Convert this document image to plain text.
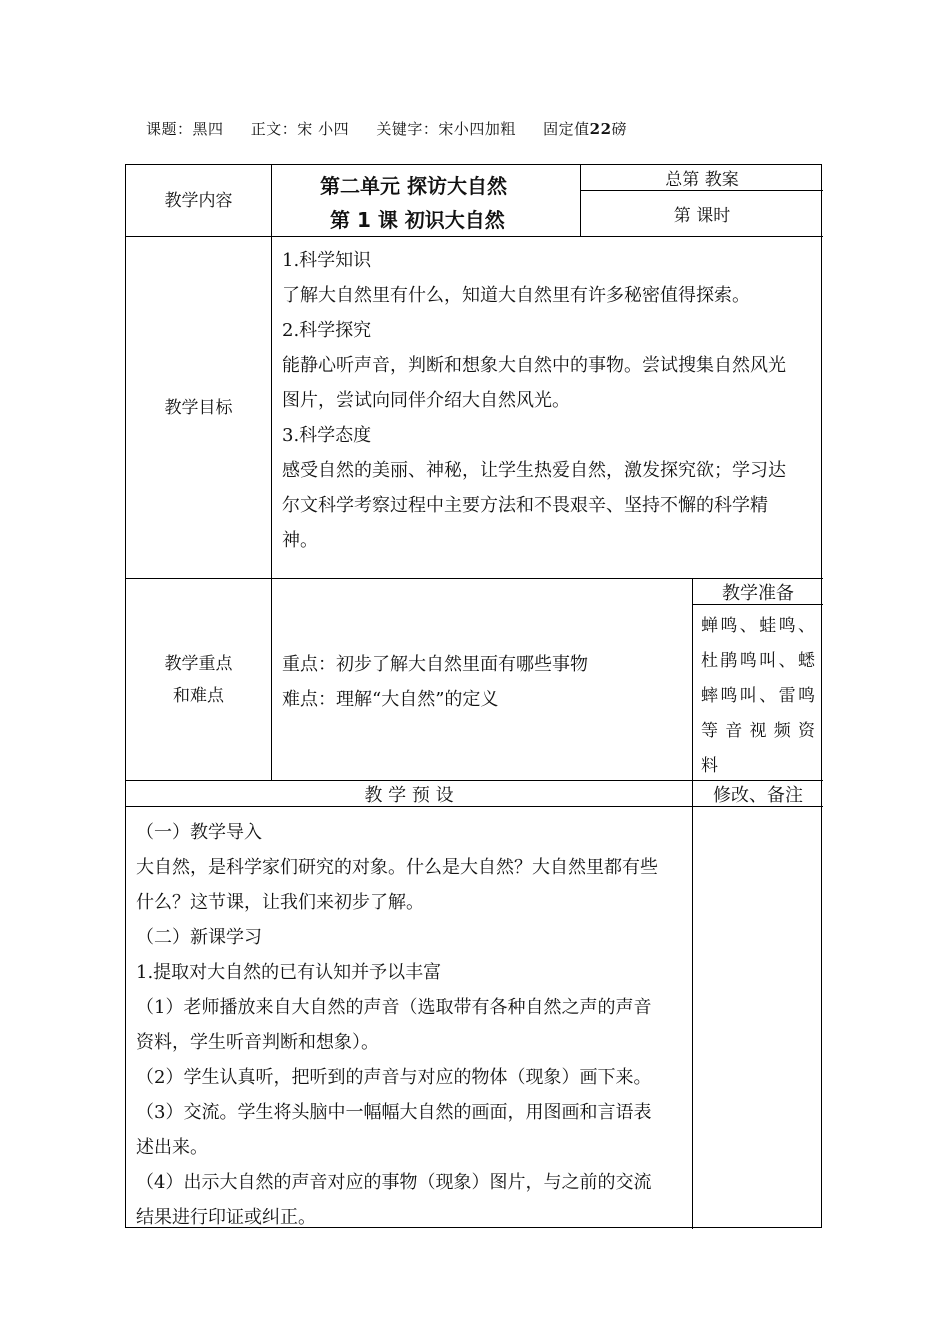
课题：黑四 正文：宋 小四 关键字：宋小四加粗 固定值22磅
教学内容
第二单元 探访大自然
第 1 课 初识大自然
总第 教案
第 课时
教学目标

1.科学知识

了解大自然里有什么，知道大自然里有许多秘密值得探索。

2.科学探究

能静心听声音，判断和想象大自然中的事物。尝试搜集自然风光

图片，尝试向同伴介绍大自然风光。

3.科学态度

感受自然的美丽、神秘，让学生热爱自然，激发探究欲；学习达

尔文科学考察过程中主要方法和不畏艰辛、坚持不懈的科学精

神。

教学重点
和难点

重点：初步了解大自然里面有哪些事物

难点：理解“大自然”的定义

教学准备
蝉鸣、蛙鸣、
杜鹃鸣叫、蟋
蟀鸣叫、雷鸣
等音视频资
料
教 学 预 设	修改、备注

（一）教学导入

大自然，是科学家们研究的对象。什么是大自然？大自然里都有些

什么？这节课，让我们来初步了解。

（二）新课学习

1.提取对大自然的已有认知并予以丰富

（1）老师播放来自大自然的声音（选取带有各种自然之声的声音

资料，学生听音判断和想象）。

（2）学生认真听，把听到的声音与对应的物体（现象）画下来。

（3）交流。学生将头脑中一幅幅大自然的画面，用图画和言语表

述出来。

（4）出示大自然的声音对应的事物（现象）图片，与之前的交流

结果进行印证或纠正。
